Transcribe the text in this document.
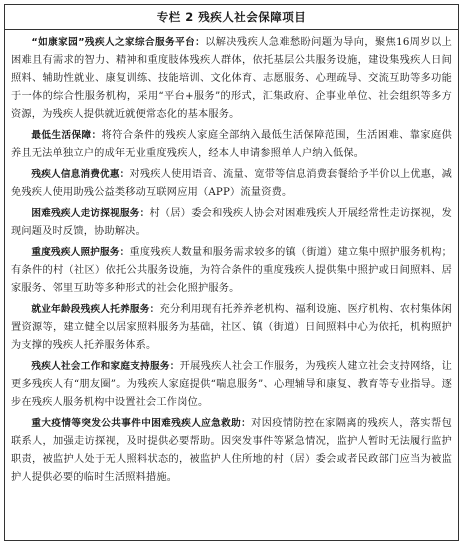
专栏 2 残疾人社会保障项目

“如康家园”残疾人之家综合服务平台：以解决残疾人急难愁盼问题为导向，聚焦16周岁以上困难且有需求的智力、精神和重度肢体残疾人群体，依托基层公共服务设施，建设集残疾人日间照料、辅助性就业、康复训练、技能培训、文化体育、志愿服务、心理疏导、交流互助等多功能于一体的综合性服务机构，采用“平台+服务”的形式，汇集政府、企事业单位、社会组织等多方资源，为残疾人提供就近就便常态化的基本服务。

最低生活保障：将符合条件的残疾人家庭全部纳入最低生活保障范围，生活困难、靠家庭供养且无法单独立户的成年无业重度残疾人，经本人申请参照单人户纳入低保。

残疾人信息消费优惠：对残疾人使用语音、流量、宽带等信息消费套餐给予半价以上优惠，减免残疾人使用助残公益类移动互联网应用（APP）流量资费。

困难残疾人走访探视服务：村（居）委会和残疾人协会对困难残疾人开展经常性走访探视，发现问题及时反馈，协助解决。

重度残疾人照护服务：重度残疾人数量和服务需求较多的镇（街道）建立集中照护服务机构；有条件的村（社区）依托公共服务设施，为符合条件的重度残疾人提供集中照护或日间照料、居家服务、邻里互助等多种形式的社会化照护服务。

就业年龄段残疾人托养服务：充分利用现有托养养老机构、福利设施、医疗机构、农村集体闲置资源等，建立健全以居家照料服务为基础，社区、镇（街道）日间照料中心为依托，机构照护为支撑的残疾人托养服务体系。

残疾人社会工作和家庭支持服务：开展残疾人社会工作服务，为残疾人建立社会支持网络，让更多残疾人有“朋友圈”。为残疾人家庭提供“喘息服务”、心理辅导和康复、教育等专业指导。逐步在残疾人服务机构中设置社会工作岗位。

重大疫情等突发公共事件中困难残疾人应急救助：对因疫情防控在家隔离的残疾人，落实帮包联系人，加强走访探视，及时提供必要帮助。因突发事件等紧急情况，监护人暂时无法履行监护职责，被监护人处于无人照料状态的，被监护人住所地的村（居）委会或者民政部门应当为被监护人提供必要的临时生活照料措施。
